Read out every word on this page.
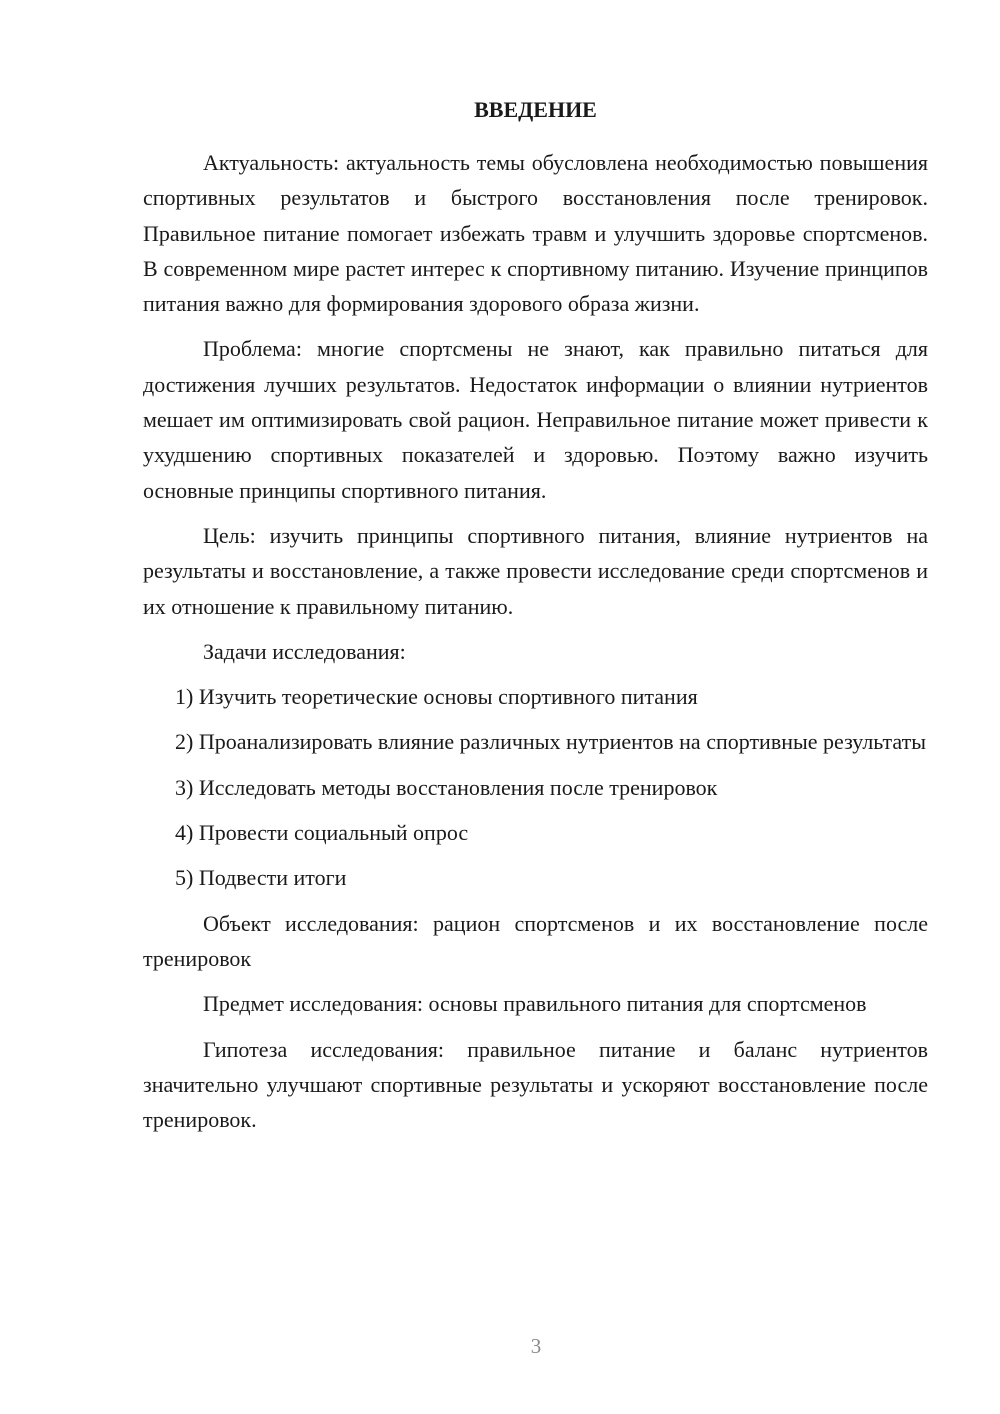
ВВЕДЕНИЕ

Актуальность: актуальность темы обусловлена необходимостью повышения спортивных результатов и быстрого восстановления после тренировок. Правильное питание помогает избежать травм и улучшить здоровье спортсменов. В современном мире растет интерес к спортивному питанию. Изучение принципов питания важно для формирования здорового образа жизни.

Проблема: многие спортсмены не знают, как правильно питаться для достижения лучших результатов. Недостаток информации о влиянии нутриентов мешает им оптимизировать свой рацион. Неправильное питание может привести к ухудшению спортивных показателей и здоровью. Поэтому важно изучить основные принципы спортивного питания.

Цель: изучить принципы спортивного питания, влияние нутриентов на результаты и восстановление, а также провести исследование среди спортсменов и их отношение к правильному питанию.

Задачи исследования:

1) Изучить теоретические основы спортивного питания

2) Проанализировать влияние различных нутриентов на спортивные результаты

3) Исследовать методы восстановления после тренировок

4) Провести социальный опрос

5) Подвести итоги

Объект исследования: рацион спортсменов и их восстановление после тренировок

Предмет исследования: основы правильного питания для спортсменов

Гипотеза исследования: правильное питание и баланс нутриентов значительно улучшают спортивные результаты и ускоряют восстановление после тренировок.

3
